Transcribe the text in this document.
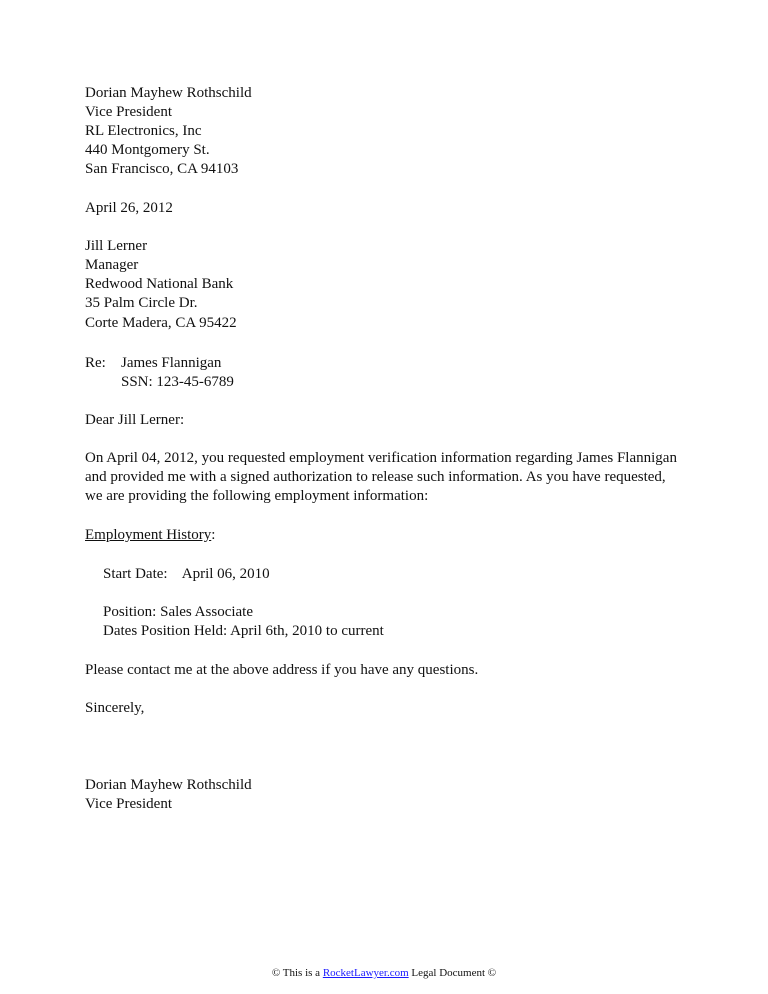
Dorian Mayhew Rothschild
Vice President
RL Electronics, Inc
440 Montgomery St.
San Francisco, CA 94103
April 26, 2012
Jill Lerner
Manager
Redwood National Bank
35 Palm Circle Dr.
Corte Madera, CA 95422
Re: James Flannigan
SSN: 123-45-6789
Dear Jill Lerner:
On April 04, 2012, you requested employment verification information regarding James Flannigan
and provided me with a signed authorization to release such information. As you have requested,
we are providing the following employment information:
Employment History:
Start Date:    April 06, 2010
Position: Sales Associate
Dates Position Held: April 6th, 2010 to current
Please contact me at the above address if you have any questions.
Sincerely,
Dorian Mayhew Rothschild
Vice President
© This is a RocketLawyer.com Legal Document ©
